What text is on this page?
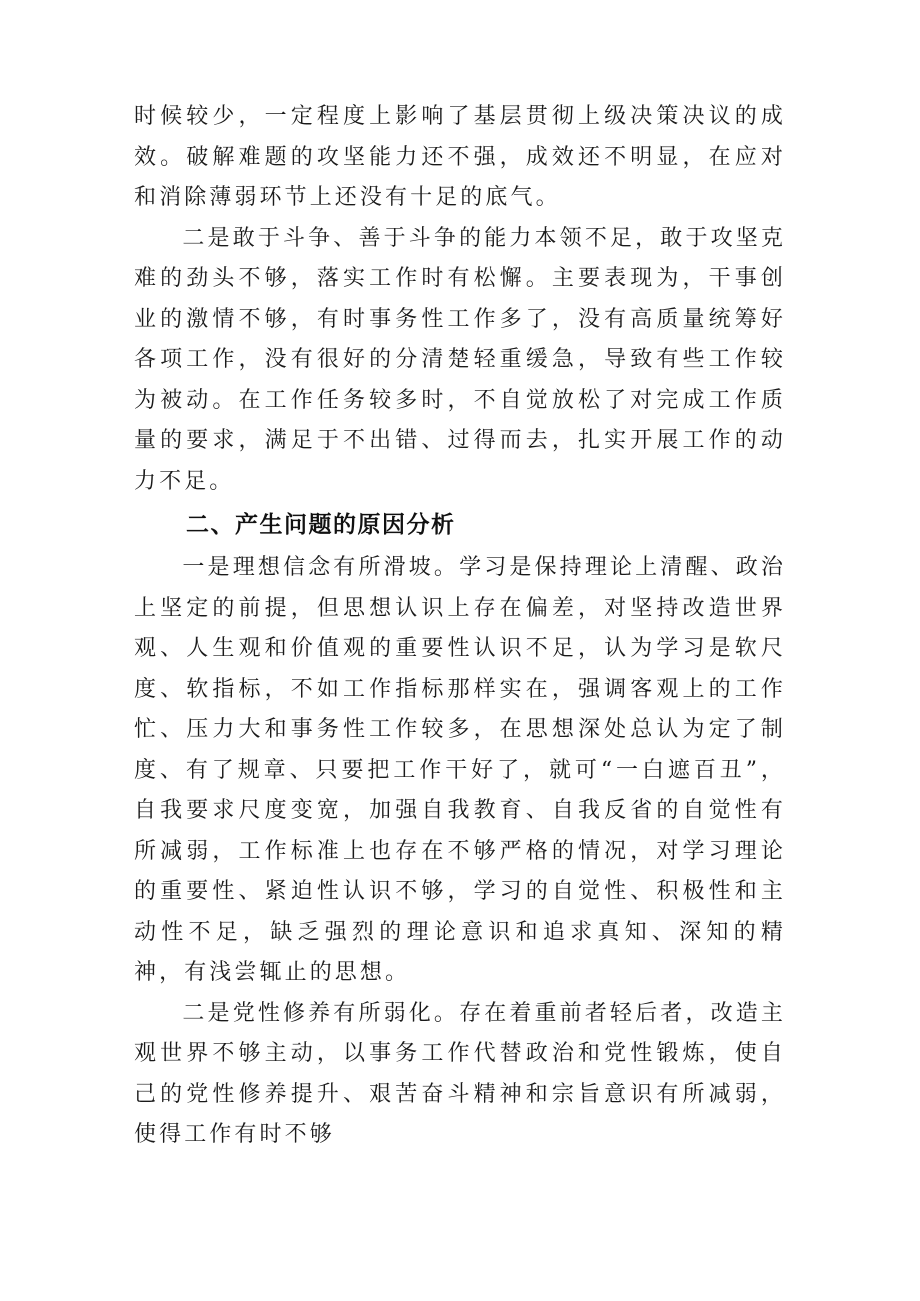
时候较少，一定程度上影响了基层贯彻上级决策决议的成效。破解难题的攻坚能力还不强，成效还不明显，在应对和消除薄弱环节上还没有十足的底气。

二是敢于斗争、善于斗争的能力本领不足，敢于攻坚克难的劲头不够，落实工作时有松懈。主要表现为，干事创业的激情不够，有时事务性工作多了，没有高质量统筹好各项工作，没有很好的分清楚轻重缓急，导致有些工作较为被动。在工作任务较多时，不自觉放松了对完成工作质量的要求，满足于不出错、过得而去，扎实开展工作的动力不足。

二、产生问题的原因分析

一是理想信念有所滑坡。学习是保持理论上清醒、政治上坚定的前提，但思想认识上存在偏差，对坚持改造世界观、人生观和价值观的重要性认识不足，认为学习是软尺度、软指标，不如工作指标那样实在，强调客观上的工作忙、压力大和事务性工作较多，在思想深处总认为定了制度、有了规章、只要把工作干好了，就可“一白遮百丑”，自我要求尺度变宽，加强自我教育、自我反省的自觉性有所减弱，工作标准上也存在不够严格的情况，对学习理论的重要性、紧迫性认识不够，学习的自觉性、积极性和主动性不足，缺乏强烈的理论意识和追求真知、深知的精神，有浅尝辄止的思想。

二是党性修养有所弱化。存在着重前者轻后者，改造主观世界不够主动，以事务工作代替政治和党性锻炼，使自己的党性修养提升、艰苦奋斗精神和宗旨意识有所减弱，使得工作有时不够
